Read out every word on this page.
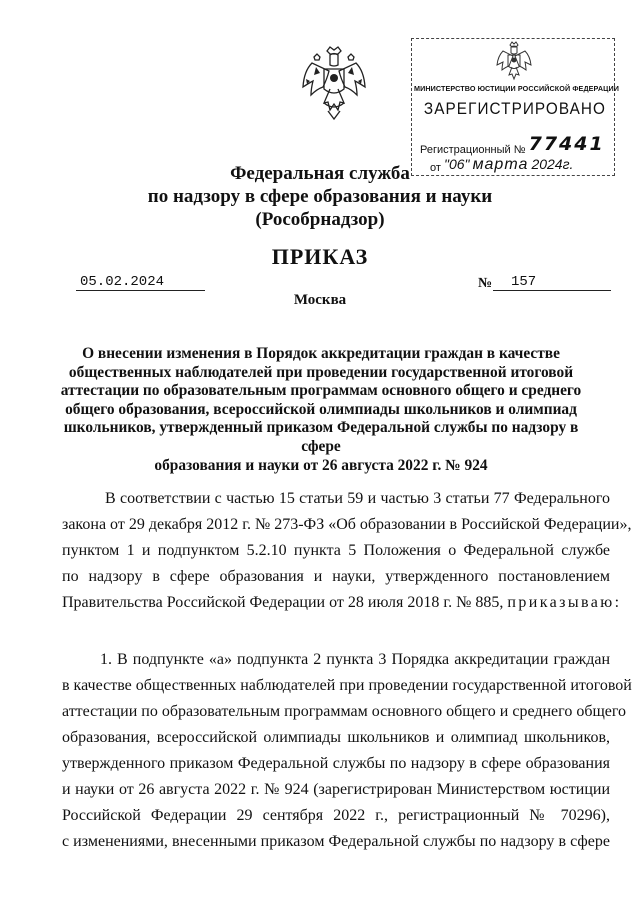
МИНИСТЕРСТВО ЮСТИЦИИ РОССИЙСКОЙ ФЕДЕРАЦИИ
ЗАРЕГИСТРИРОВАНО
Регистрационный № 77441
от "06" марта 2024г.
Федеральная служба
по надзору в сфере образования и науки
(Рособрнадзор)
ПРИКАЗ
05.02.2024	№	157
Москва
О внесении изменения в Порядок аккредитации граждан в качестве
общественных наблюдателей при проведении государственной итоговой
аттестации по образовательным программам основного общего и среднего
общего образования, всероссийской олимпиады школьников и олимпиад
школьников, утвержденный приказом Федеральной службы по надзору в сфере
образования и науки от 26 августа 2022 г. № 924
В соответствии с частью 15 статьи 59 и частью 3 статьи 77 Федерального
закона от 29 декабря 2012 г. № 273-ФЗ «Об образовании в Российской Федерации»,
пунктом 1 и подпунктом 5.2.10 пункта 5 Положения о Федеральной службе
по надзору в сфере образования и науки, утвержденного постановлением
Правительства Российской Федерации от 28 июля 2018 г. № 885, приказываю:
1. В подпункте «а» подпункта 2 пункта 3 Порядка аккредитации граждан
в качестве общественных наблюдателей при проведении государственной итоговой
аттестации по образовательным программам основного общего и среднего общего
образования, всероссийской олимпиады школьников и олимпиад школьников,
утвержденного приказом Федеральной службы по надзору в сфере образования
и науки от 26 августа 2022 г. № 924 (зарегистрирован Министерством юстиции
Российской Федерации 29 сентября 2022 г., регистрационный № 70296),
с изменениями, внесенными приказом Федеральной службы по надзору в сфере
